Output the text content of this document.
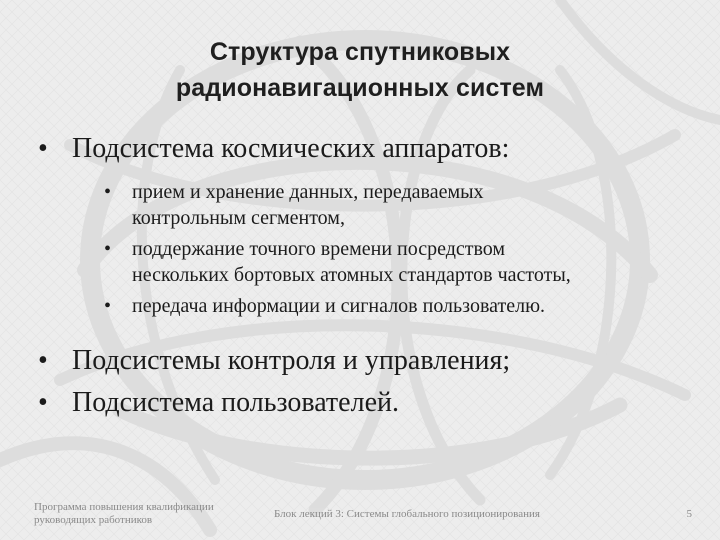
Структура спутниковых
радионавигационных систем
• Подсистема космических аппаратов:
• прием и хранение данных, передаваемых
контрольным сегментом,
• поддержание точного времени посредством
нескольких бортовых атомных стандартов частоты,
• передача информации и сигналов пользователю.
• Подсистемы контроля и управления;
• Подсистема пользователей.
Программа повышения квалификации
руководящих работников	Блок лекций 3: Системы глобального позиционирования	5
